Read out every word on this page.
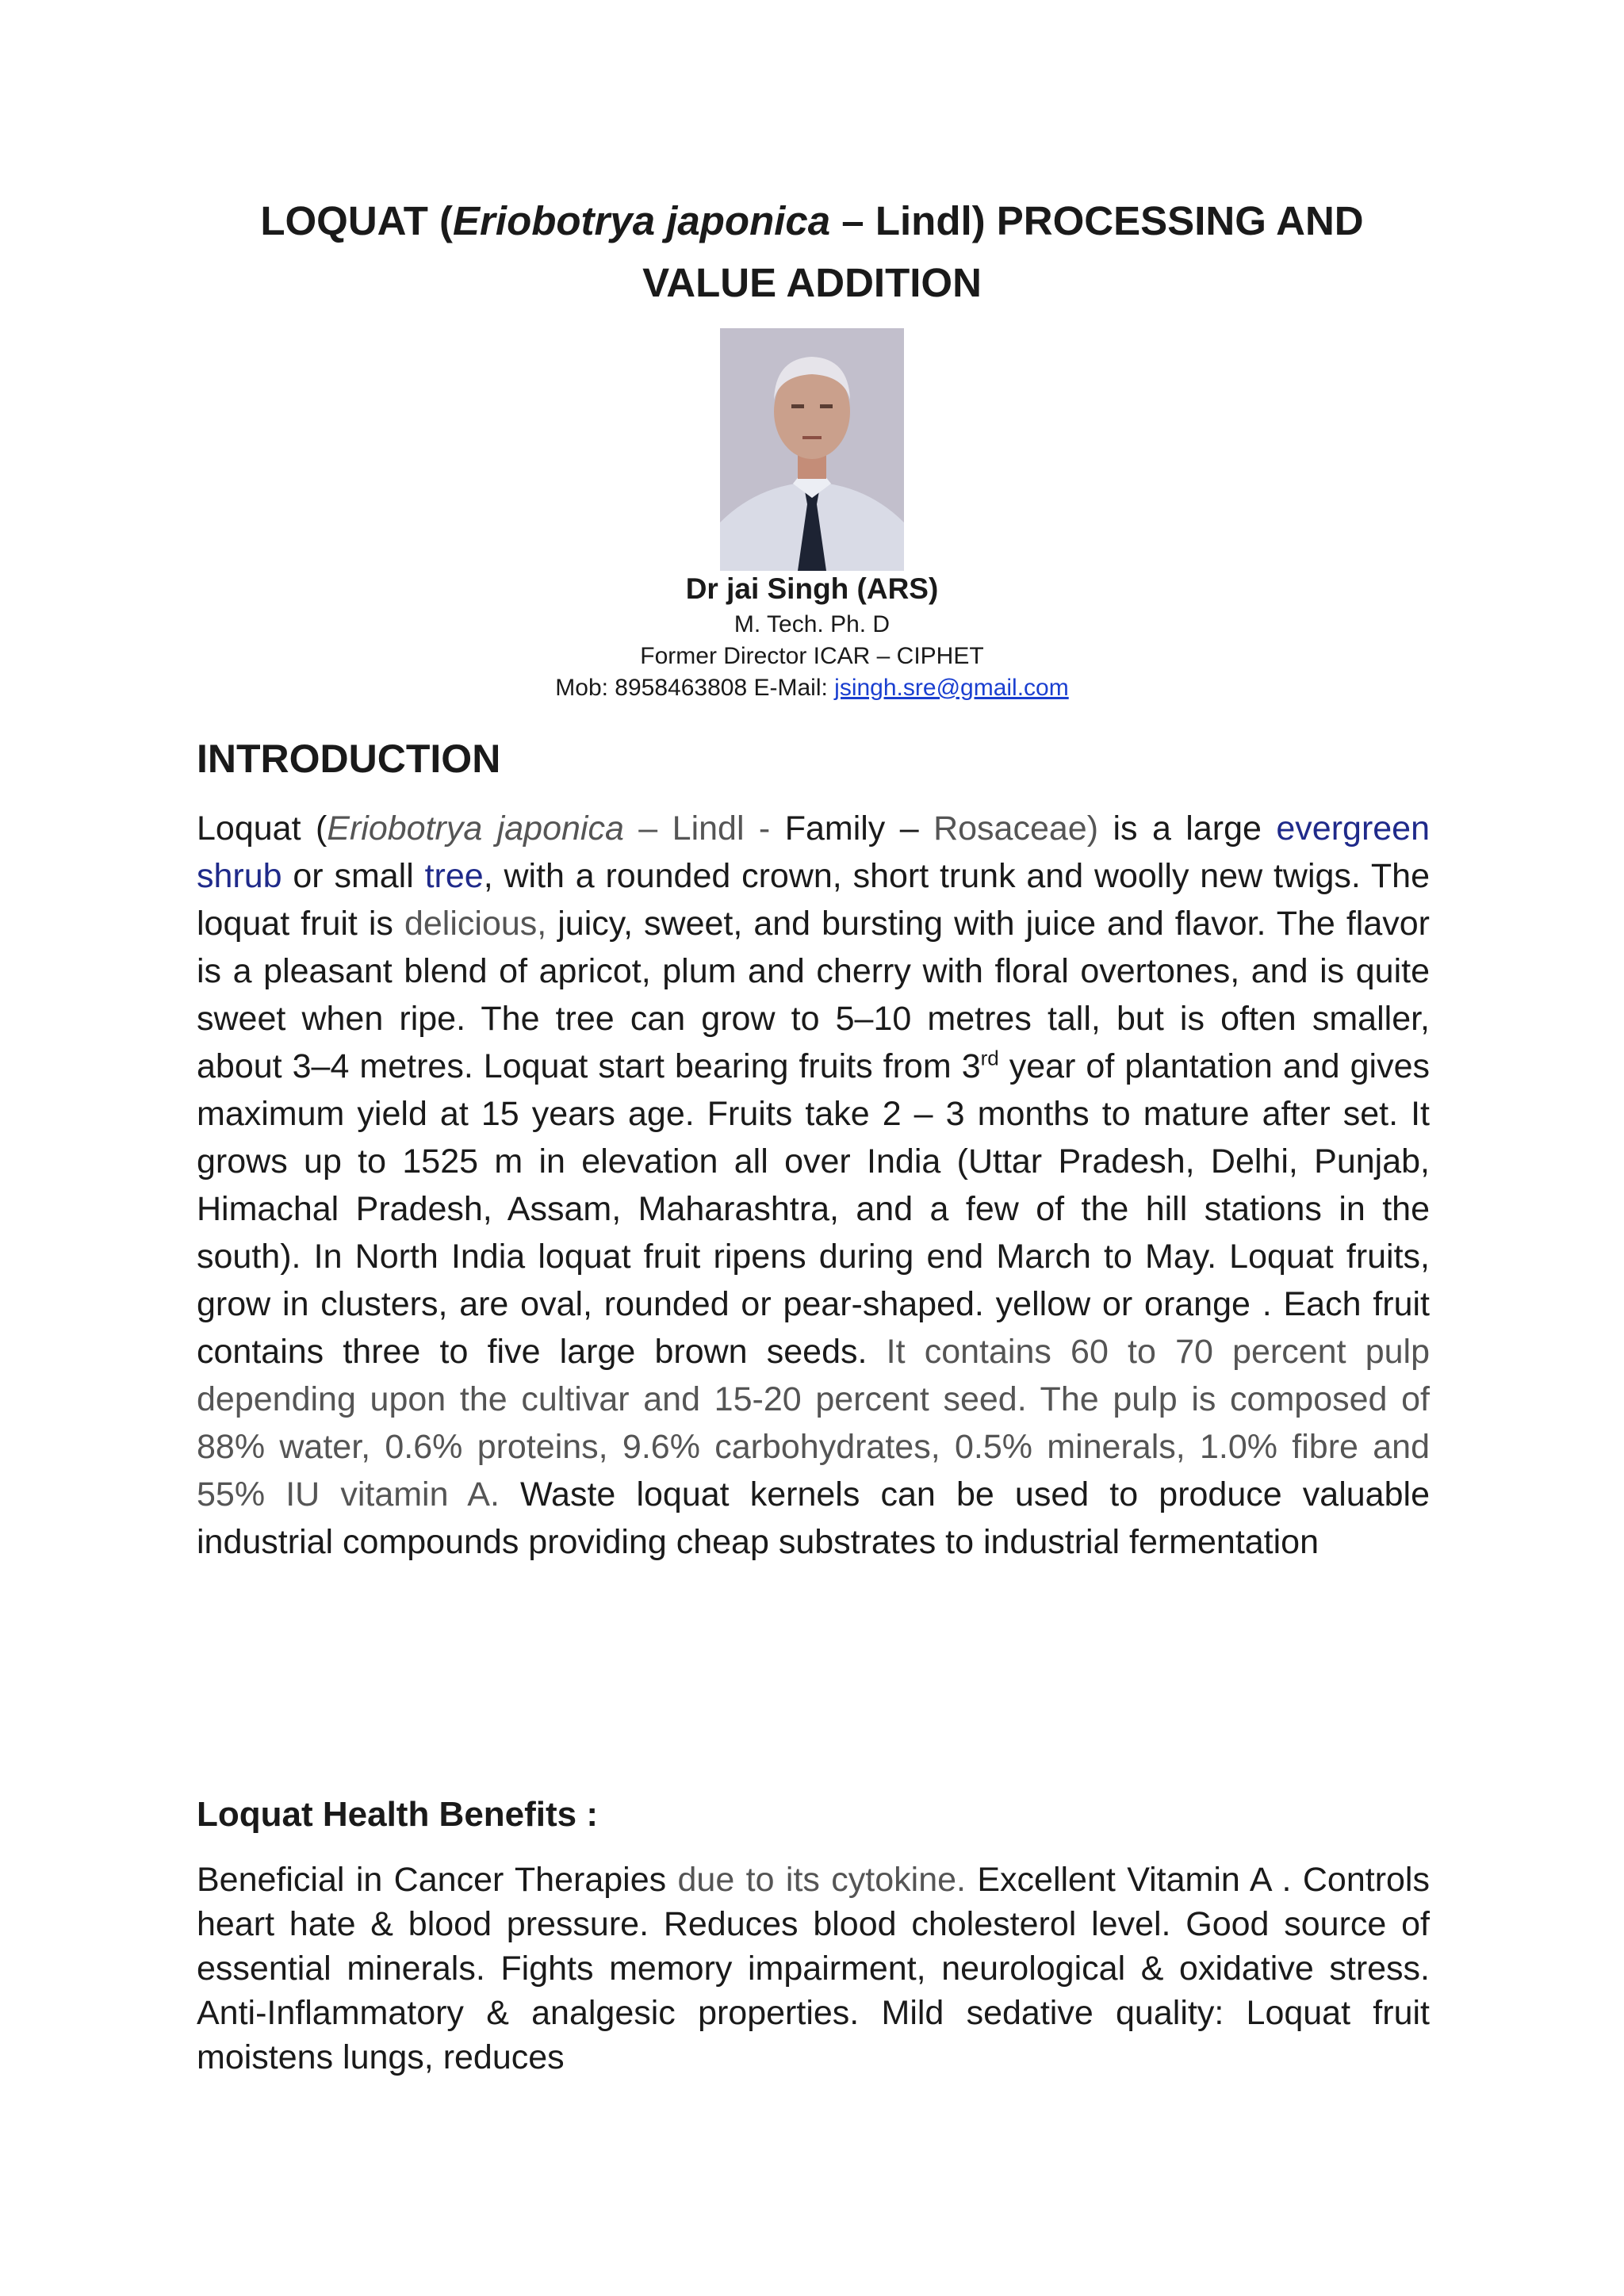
LOQUAT (Eriobotrya japonica – Lindl) PROCESSING AND
VALUE ADDITION
Dr jai Singh (ARS)
M. Tech. Ph. D
Former Director ICAR – CIPHET
Mob: 8958463808 E-Mail: jsingh.sre@gmail.com
INTRODUCTION
Loquat (Eriobotrya japonica – Lindl - Family – Rosaceae) is a large evergreen shrub or small tree, with a rounded crown, short trunk and woolly new twigs. The loquat fruit is delicious, juicy, sweet, and bursting with juice and flavor. The flavor is a pleasant blend of apricot, plum and cherry with floral overtones, and is quite sweet when ripe. The tree can grow to 5–10 metres tall, but is often smaller, about 3–4 metres. Loquat start bearing fruits from 3rd year of plantation and gives maximum yield at 15 years age. Fruits take 2 – 3 months to mature after set. It grows up to 1525 m in elevation all over India (Uttar Pradesh, Delhi, Punjab, Himachal Pradesh, Assam, Maharashtra, and a few of the hill stations in the south). In North India loquat fruit ripens during end March to May. Loquat fruits, grow in clusters, are oval, rounded or pear-shaped. yellow or orange . Each fruit contains three to five large brown seeds. It contains 60 to 70 percent pulp depending upon the cultivar and 15-20 percent seed. The pulp is composed of 88% water, 0.6% proteins, 9.6% carbohydrates, 0.5% minerals, 1.0% fibre and 55% IU vitamin A. Waste loquat kernels can be used to produce valuable industrial compounds providing cheap substrates to industrial fermentation
Loquat Health Benefits :
Beneficial in Cancer Therapies due to its cytokine. Excellent Vitamin A . Controls heart hate & blood pressure. Reduces blood cholesterol level. Good source of essential minerals. Fights memory impairment, neurological & oxidative stress. Anti-Inflammatory & analgesic properties. Mild sedative quality: Loquat fruit moistens lungs, reduces
